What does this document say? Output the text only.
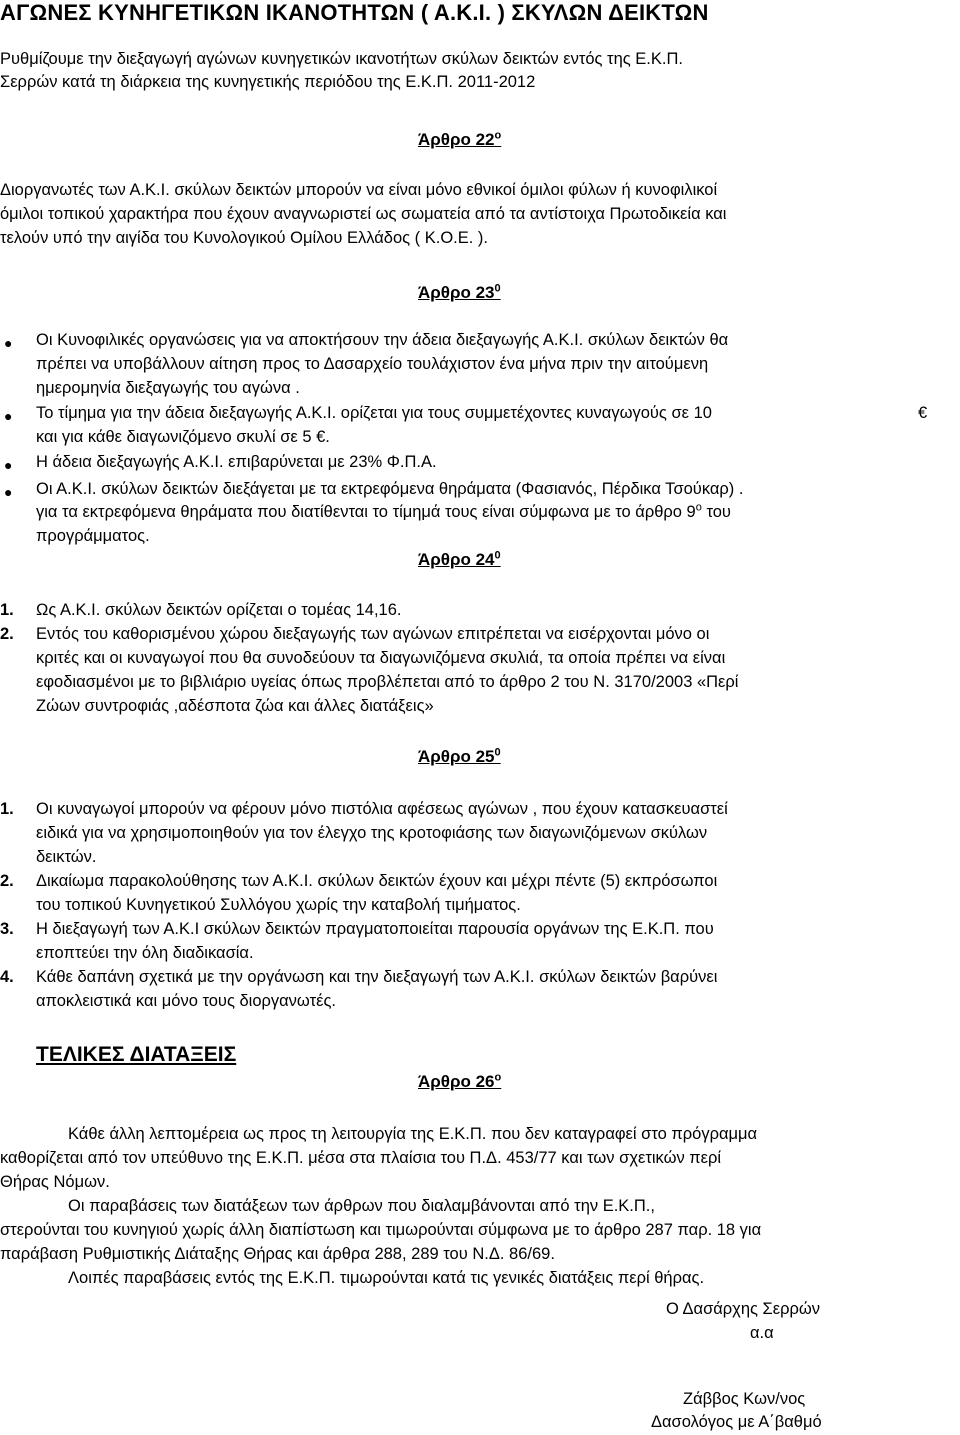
ΑΓΩΝΕΣ ΚΥΝΗΓΕΤΙΚΩΝ ΙΚΑΝΟΤΗΤΩΝ ( Α.Κ.Ι. ) ΣΚΥΛΩΝ ΔΕΙΚΤΩΝ
Ρυθμίζουμε την διεξαγωγή αγώνων κυνηγετικών ικανοτήτων σκύλων δεικτών εντός της Ε.Κ.Π.
Σερρών κατά τη διάρκεια της κυνηγετικής περιόδου της Ε.Κ.Π. 2011-2012
Άρθρο $22^o$
Διοργανωτές των Α.Κ.Ι. σκύλων δεικτών μπορούν να είναι μόνο εθνικοί όμιλοι φύλων ή κυνοφιλικοί
όμιλοι τοπικού χαρακτήρα που έχουν αναγνωριστεί ως σωματεία από τα αντίστοιχα Πρωτοδικεία και
τελούν υπό την αιγίδα του Κυνολογικού Ομίλου Ελλάδος ( Κ.Ο.Ε. ).
Άρθρο $23^0$
● Οι Κυνοφιλικές οργανώσεις για να αποκτήσουν την άδεια διεξαγωγής Α.Κ.Ι. σκύλων δεικτών θα
πρέπει να υποβάλλουν αίτηση προς το Δασαρχείο τουλάχιστον ένα μήνα πριν την αιτούμενη
ημερομηνία διεξαγωγής του αγώνα .
● Το τίμημα για την άδεια διεξαγωγής Α.Κ.Ι. ορίζεται για τους συμμετέχοντες κυναγωγούς σε 10	€
και για κάθε διαγωνιζόμενο σκυλί σε 5 €.
● Η άδεια διεξαγωγής Α.Κ.Ι. επιβαρύνεται με 23% Φ.Π.Α.
● Οι Α.Κ.Ι. σκύλων δεικτών διεξάγεται με τα εκτρεφόμενα θηράματα (Φασιανός, Πέρδικα Τσούκαρ) .
για τα εκτρεφόμενα θηράματα που διατίθενται το τίμημά τους είναι σύμφωνα με το άρθρο $9^o$ του
προγράμματος.
Άρθρο $24^0$
1. Ως Α.Κ.Ι. σκύλων δεικτών ορίζεται ο τομέας 14,16.
2. Εντός του καθορισμένου χώρου διεξαγωγής των αγώνων επιτρέπεται να εισέρχονται μόνο οι
κριτές και οι κυναγωγοί που θα συνοδεύουν τα διαγωνιζόμενα σκυλιά, τα οποία πρέπει να είναι
εφοδιασμένοι με το βιβλιάριο υγείας όπως προβλέπεται από το άρθρο 2 του Ν. 3170/2003 «Περί
Ζώων συντροφιάς ,αδέσποτα ζώα και άλλες διατάξεις»
Άρθρο $25^0$
1. Οι κυναγωγοί μπορούν να φέρουν μόνο πιστόλια αφέσεως αγώνων , που έχουν κατασκευαστεί
ειδικά για να χρησιμοποιηθούν για τον έλεγχο της κροτοφιάσης των διαγωνιζόμενων σκύλων
δεικτών.
2. Δικαίωμα παρακολούθησης των Α.Κ.Ι. σκύλων δεικτών έχουν και μέχρι πέντε (5) εκπρόσωποι
του τοπικού Κυνηγετικού Συλλόγου χωρίς την καταβολή τιμήματος.
3. Η διεξαγωγή των Α.Κ.Ι σκύλων δεικτών πραγματοποιείται παρουσία οργάνων της Ε.Κ.Π. που
εποπτεύει την όλη διαδικασία.
4. Κάθε δαπάνη σχετικά με την οργάνωση και την διεξαγωγή των Α.Κ.Ι. σκύλων δεικτών βαρύνει
αποκλειστικά και μόνο τους διοργανωτές.
ΤΕΛΙΚΕΣ ΔΙΑΤΑΞΕΙΣ
Άρθρο $26^o$
Κάθε άλλη λεπτομέρεια ως προς τη λειτουργία της Ε.Κ.Π. που δεν καταγραφεί στο πρόγραμμα
καθορίζεται από τον υπεύθυνο της Ε.Κ.Π. μέσα στα πλαίσια του Π.Δ. 453/77 και των σχετικών περί
Θήρας Νόμων.
Οι παραβάσεις των διατάξεων των άρθρων που διαλαμβάνονται από την Ε.Κ.Π.,
στερούνται του κυνηγιού χωρίς άλλη διαπίστωση και τιμωρούνται σύμφωνα με το άρθρο 287 παρ. 18 για
παράβαση Ρυθμιστικής Διάταξης Θήρας και άρθρα 288, 289 του Ν.Δ. 86/69.
Λοιπές παραβάσεις εντός της Ε.Κ.Π. τιμωρούνται κατά τις γενικές διατάξεις περί θήρας.
Ο Δασάρχης Σερρών
α.α
Ζάββος Κων/νος
Δασολόγος με Α΄βαθμό
